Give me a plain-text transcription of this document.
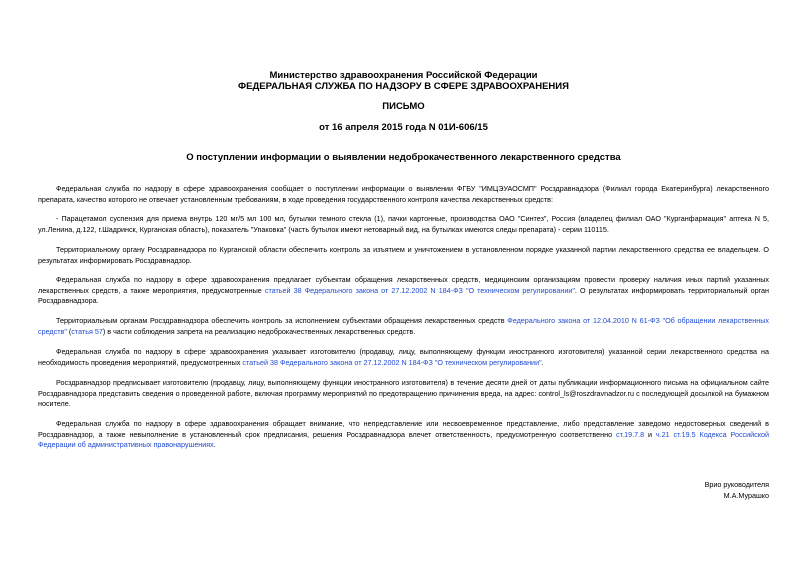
Министерство здравоохранения Российской Федерации
ФЕДЕРАЛЬНАЯ СЛУЖБА ПО НАДЗОРУ В СФЕРЕ ЗДРАВООХРАНЕНИЯ
ПИСЬМО
от 16 апреля 2015 года N 01И-606/15
О поступлении информации о выявлении недоброкачественного лекарственного средства
Федеральная служба по надзору в сфере здравоохранения сообщает о поступлении информации о выявлении ФГБУ "ИМЦЭУАОСМП" Росздравнадзора (Филиал города Екатеринбурга) лекарственного препарата, качество которого не отвечает установленным требованиям, в ходе проведения государственного контроля качества лекарственных средств:
- Парацетамол суспензия для приема внутрь 120 мг/5 мл 100 мл, бутылки темного стекла (1), пачки картонные, производства ОАО "Синтез", Россия (владелец филиал ОАО "Курганфармация" аптека N 5, ул.Ленина, д.122, г.Шадринск, Курганская область), показатель "Упаковка" (часть бутылок имеют нетоварный вид, на бутылках имеются следы препарата) - серии 110115.
Территориальному органу Росздравнадзора по Курганской области обеспечить контроль за изъятием и уничтожением в установленном порядке указанной партии лекарственного средства ее владельцем. О результатах информировать Росздравнадзор.
Федеральная служба по надзору в сфере здравоохранения предлагает субъектам обращения лекарственных средств, медицинским организациям провести проверку наличия иных партий указанных лекарственных средств, а также мероприятия, предусмотренные статьей 38 Федерального закона от 27.12.2002 N 184-ФЗ "О техническом регулировании". О результатах информировать территориальный орган Росздравнадзора.
Территориальным органам Росздравнадзора обеспечить контроль за исполнением субъектами обращения лекарственных средств Федерального закона от 12.04.2010 N 61-ФЗ "Об обращении лекарственных средств" (статья 57) в части соблюдения запрета на реализацию недоброкачественных лекарственных средств.
Федеральная служба по надзору в сфере здравоохранения указывает изготовителю (продавцу, лицу, выполняющему функции иностранного изготовителя) указанной серии лекарственного средства на необходимость проведения мероприятий, предусмотренных статьей 38 Федерального закона от 27.12.2002 N 184-ФЗ "О техническом регулировании".
Росздравнадзор предписывает изготовителю (продавцу, лицу, выполняющему функции иностранного изготовителя) в течение десяти дней от даты публикации информационного письма на официальном сайте Росздравнадзора представить сведения о проведенной работе, включая программу мероприятий по предотвращению причинения вреда, на адрес: control_ls@roszdravnadzor.ru с последующей досылкой на бумажном носителе.
Федеральная служба по надзору в сфере здравоохранения обращает внимание, что непредставление или несвоевременное представление, либо представление заведомо недостоверных сведений в Росздравнадзор, а также невыполнение в установленный срок предписания, решения Росздравнадзора влечет ответственность, предусмотренную соответственно ст.19.7.8 и ч.21 ст.19.5 Кодекса Российской Федерации об административных правонарушениях.
Врио руководителя
М.А.Мурашко
